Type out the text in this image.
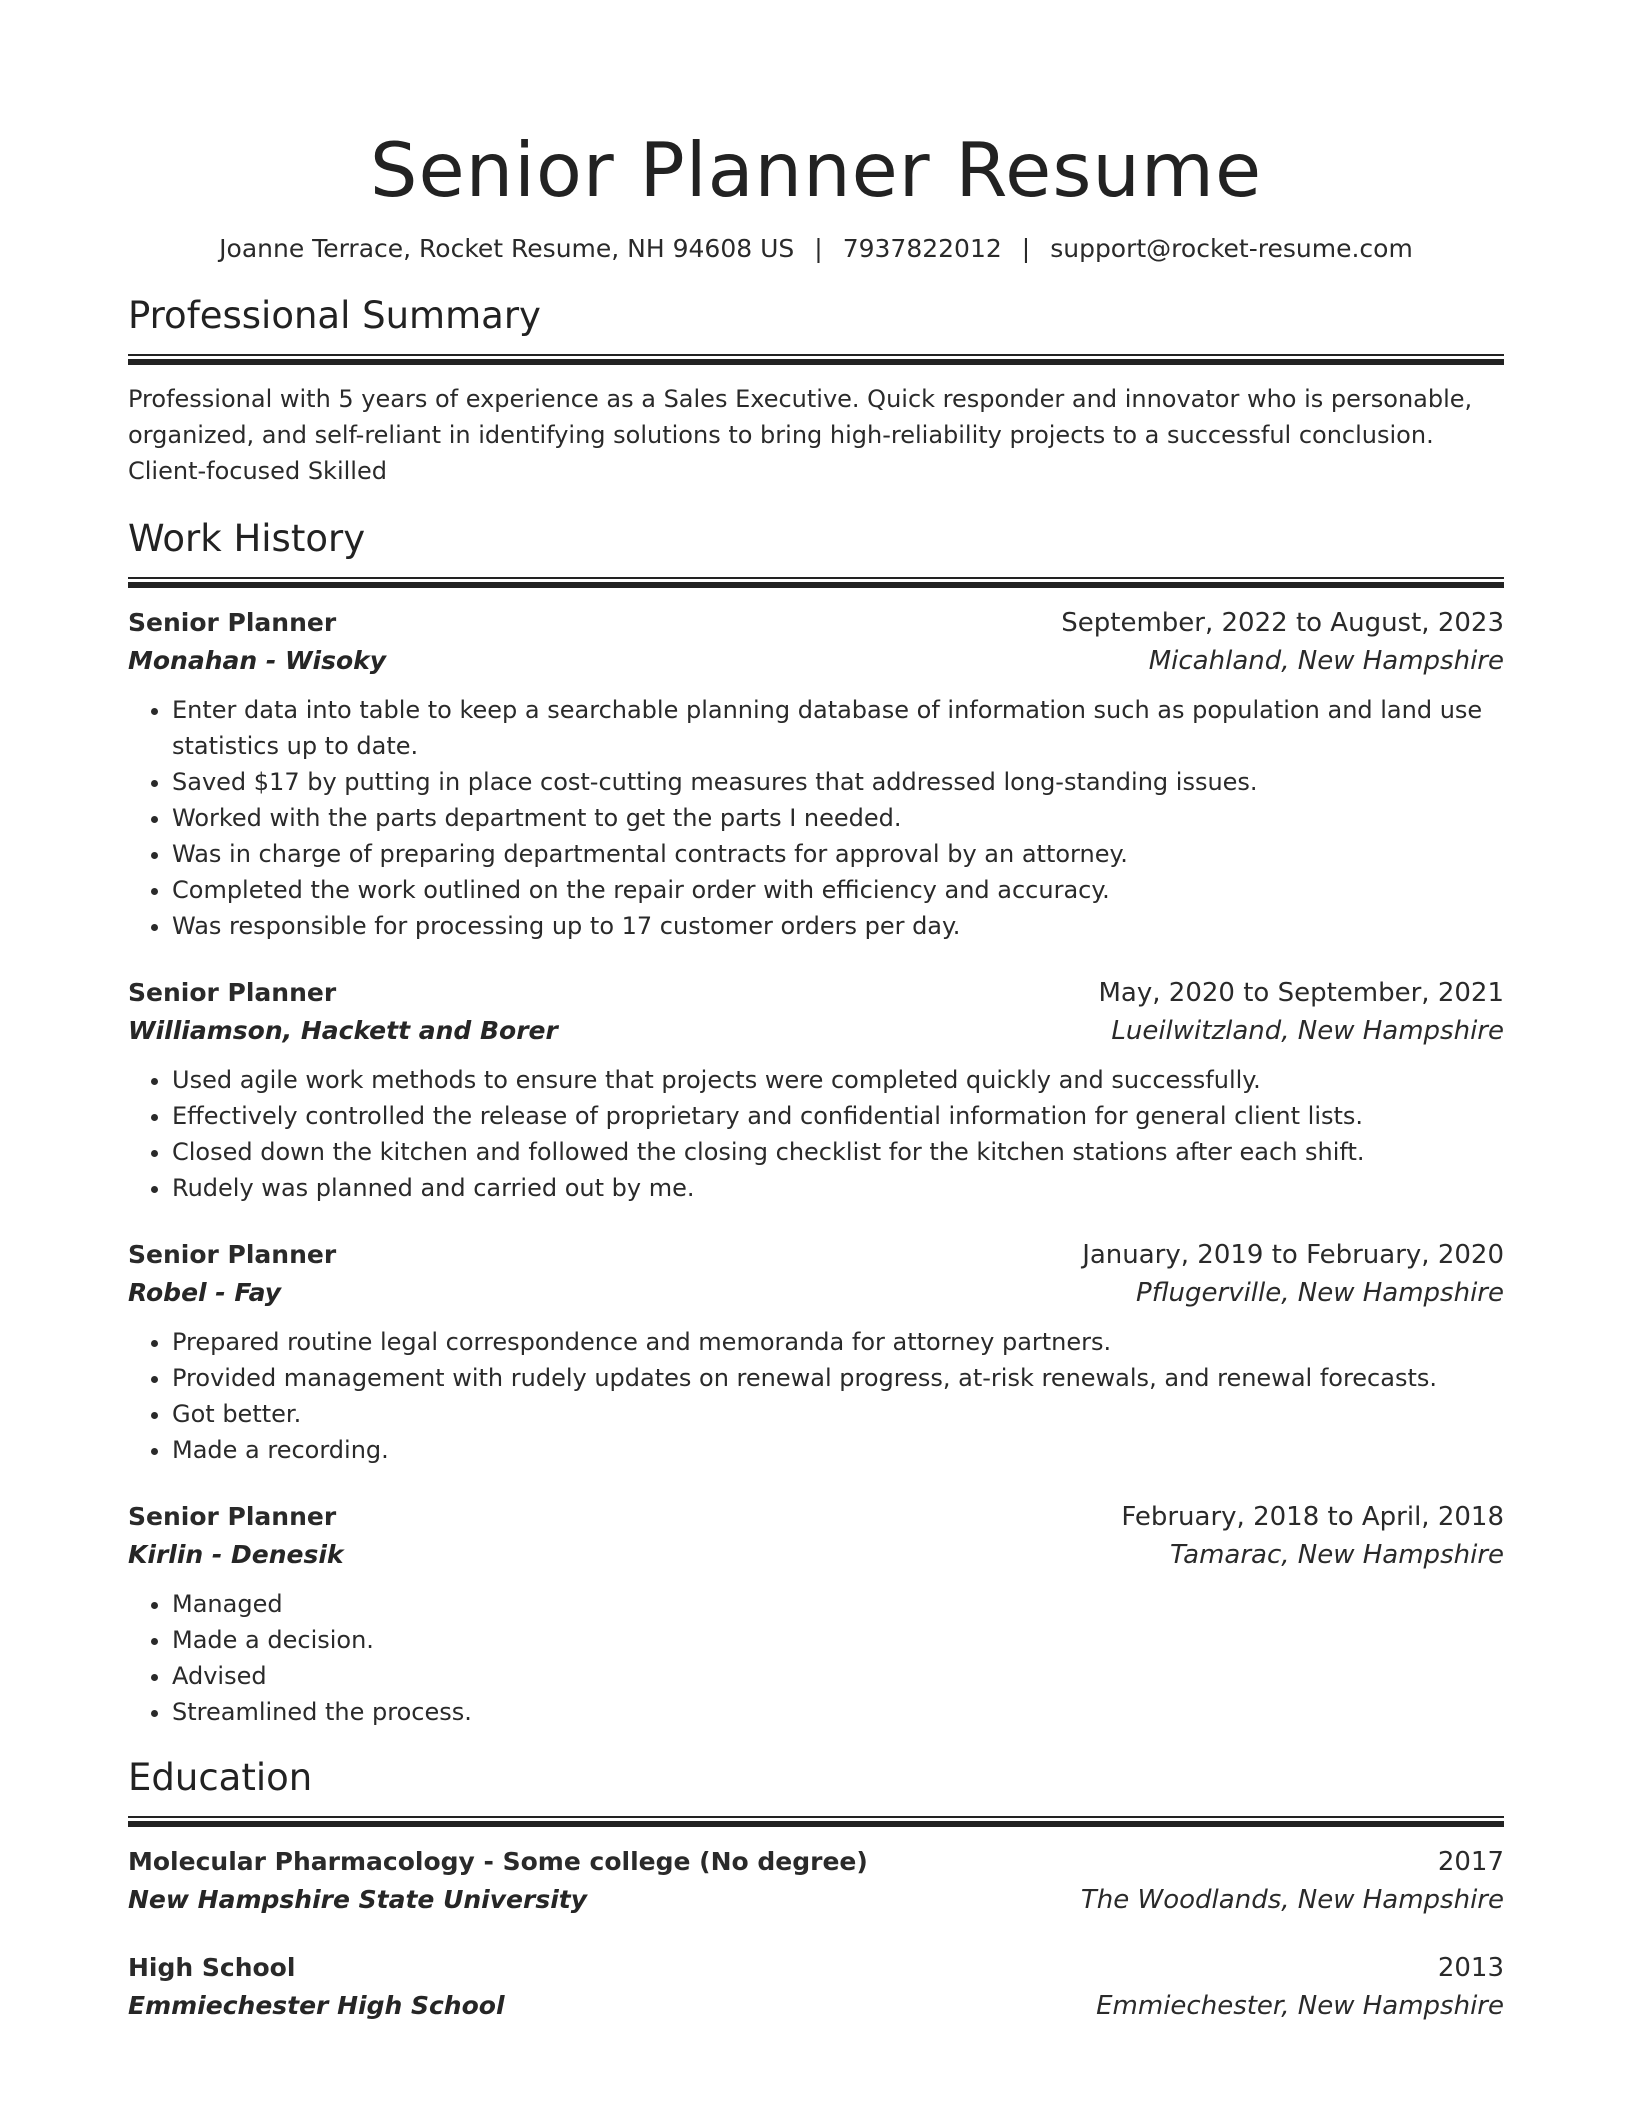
Senior Planner Resume
Joanne Terrace, Rocket Resume, NH 94608 US | 7937822012 | support@rocket-resume.com
Professional Summary
Professional with 5 years of experience as a Sales Executive. Quick responder and innovator who is personable, organized, and self-reliant in identifying solutions to bring high-reliability projects to a successful conclusion. Client-focused Skilled
Work History
Senior Planner	September, 2022 to August, 2023
Monahan - Wisoky	Micahland, New Hampshire
• Enter data into table to keep a searchable planning database of information such as population and land use statistics up to date.
• Saved $17 by putting in place cost-cutting measures that addressed long-standing issues.
• Worked with the parts department to get the parts I needed.
• Was in charge of preparing departmental contracts for approval by an attorney.
• Completed the work outlined on the repair order with efficiency and accuracy.
• Was responsible for processing up to 17 customer orders per day.
Senior Planner	May, 2020 to September, 2021
Williamson, Hackett and Borer	Lueilwitzland, New Hampshire
• Used agile work methods to ensure that projects were completed quickly and successfully.
• Effectively controlled the release of proprietary and confidential information for general client lists.
• Closed down the kitchen and followed the closing checklist for the kitchen stations after each shift.
• Rudely was planned and carried out by me.
Senior Planner	January, 2019 to February, 2020
Robel - Fay	Pflugerville, New Hampshire
• Prepared routine legal correspondence and memoranda for attorney partners.
• Provided management with rudely updates on renewal progress, at-risk renewals, and renewal forecasts.
• Got better.
• Made a recording.
Senior Planner	February, 2018 to April, 2018
Kirlin - Denesik	Tamarac, New Hampshire
• Managed
• Made a decision.
• Advised
• Streamlined the process.
Education
Molecular Pharmacology - Some college (No degree)	2017
New Hampshire State University	The Woodlands, New Hampshire
High School	2013
Emmiechester High School	Emmiechester, New Hampshire
